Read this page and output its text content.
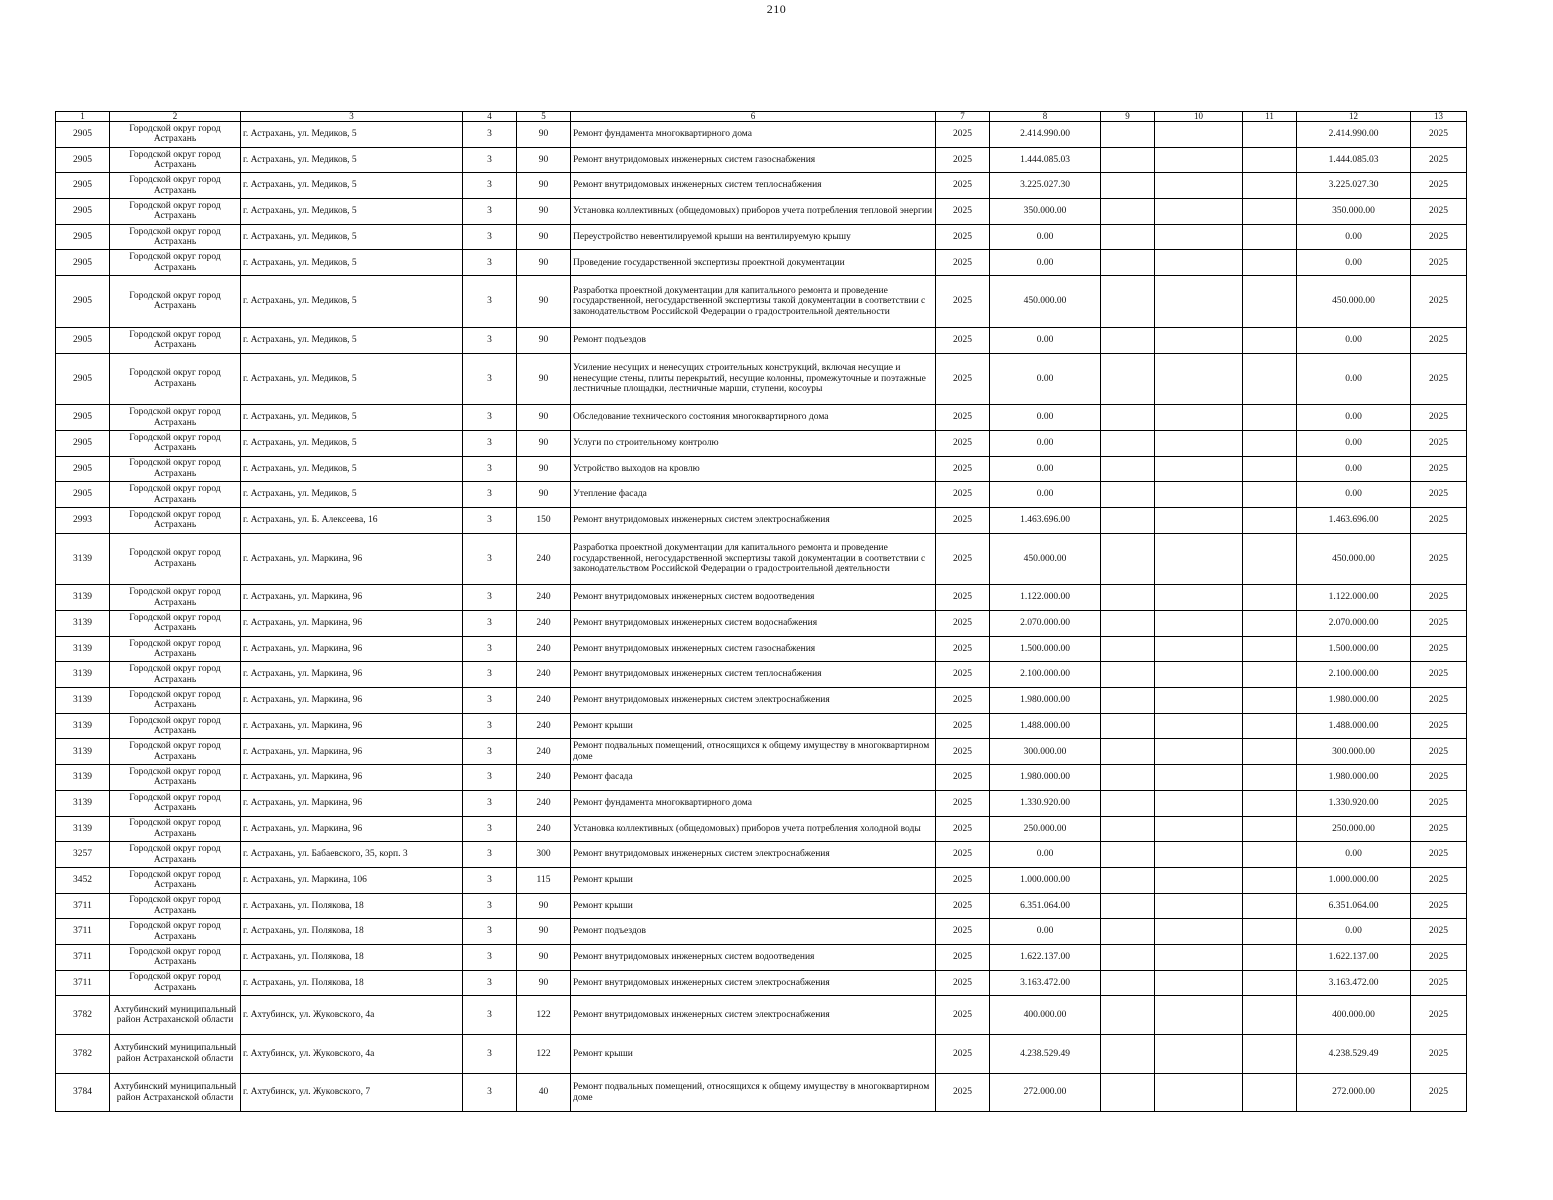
210
1	2	3	4	5	6	7	8	9	10	11	12	13
2905	Городской округ город Астрахань	г. Астрахань, ул. Медиков, 5	3	90	Ремонт фундамента многоквартирного дома	2025	2.414.990.00				2.414.990.00	2025
2905	Городской округ город Астрахань	г. Астрахань, ул. Медиков, 5	3	90	Ремонт внутридомовых инженерных систем газоснабжения	2025	1.444.085.03				1.444.085.03	2025
2905	Городской округ город Астрахань	г. Астрахань, ул. Медиков, 5	3	90	Ремонт внутридомовых инженерных систем теплоснабжения	2025	3.225.027.30				3.225.027.30	2025
2905	Городской округ город Астрахань	г. Астрахань, ул. Медиков, 5	3	90	Установка коллективных (общедомовых) приборов учета потребления тепловой энергии	2025	350.000.00				350.000.00	2025
2905	Городской округ город Астрахань	г. Астрахань, ул. Медиков, 5	3	90	Переустройство невентилируемой крыши на вентилируемую крышу	2025	0.00				0.00	2025
2905	Городской округ город Астрахань	г. Астрахань, ул. Медиков, 5	3	90	Проведение государственной экспертизы проектной документации	2025	0.00				0.00	2025
2905	Городской округ город Астрахань	г. Астрахань, ул. Медиков, 5	3	90	Разработка проектной документации для капитального ремонта и проведение государственной, негосударственной экспертизы такой документации в соответствии с законодательством Российской Федерации о градостроительной деятельности	2025	450.000.00				450.000.00	2025
2905	Городской округ город Астрахань	г. Астрахань, ул. Медиков, 5	3	90	Ремонт подъездов	2025	0.00				0.00	2025
2905	Городской округ город Астрахань	г. Астрахань, ул. Медиков, 5	3	90	Усиление несущих и ненесущих строительных конструкций, включая несущие и ненесущие стены, плиты перекрытий, несущие колонны, промежуточные и поэтажные лестничные площадки, лестничные марши, ступени, косоуры	2025	0.00				0.00	2025
2905	Городской округ город Астрахань	г. Астрахань, ул. Медиков, 5	3	90	Обследование технического состояния многоквартирного дома	2025	0.00				0.00	2025
2905	Городской округ город Астрахань	г. Астрахань, ул. Медиков, 5	3	90	Услуги по строительному контролю	2025	0.00				0.00	2025
2905	Городской округ город Астрахань	г. Астрахань, ул. Медиков, 5	3	90	Устройство выходов на кровлю	2025	0.00				0.00	2025
2905	Городской округ город Астрахань	г. Астрахань, ул. Медиков, 5	3	90	Утепление фасада	2025	0.00				0.00	2025
2993	Городской округ город Астрахань	г. Астрахань, ул. Б. Алексеева, 16	3	150	Ремонт внутридомовых инженерных систем электроснабжения	2025	1.463.696.00				1.463.696.00	2025
3139	Городской округ город Астрахань	г. Астрахань, ул. Маркина, 96	3	240	Разработка проектной документации для капитального ремонта и проведение государственной, негосударственной экспертизы такой документации в соответствии с законодательством Российской Федерации о градостроительной деятельности	2025	450.000.00				450.000.00	2025
3139	Городской округ город Астрахань	г. Астрахань, ул. Маркина, 96	3	240	Ремонт внутридомовых инженерных систем водоотведения	2025	1.122.000.00				1.122.000.00	2025
3139	Городской округ город Астрахань	г. Астрахань, ул. Маркина, 96	3	240	Ремонт внутридомовых инженерных систем водоснабжения	2025	2.070.000.00				2.070.000.00	2025
3139	Городской округ город Астрахань	г. Астрахань, ул. Маркина, 96	3	240	Ремонт внутридомовых инженерных систем газоснабжения	2025	1.500.000.00				1.500.000.00	2025
3139	Городской округ город Астрахань	г. Астрахань, ул. Маркина, 96	3	240	Ремонт внутридомовых инженерных систем теплоснабжения	2025	2.100.000.00				2.100.000.00	2025
3139	Городской округ город Астрахань	г. Астрахань, ул. Маркина, 96	3	240	Ремонт внутридомовых инженерных систем электроснабжения	2025	1.980.000.00				1.980.000.00	2025
3139	Городской округ город Астрахань	г. Астрахань, ул. Маркина, 96	3	240	Ремонт крыши	2025	1.488.000.00				1.488.000.00	2025
3139	Городской округ город Астрахань	г. Астрахань, ул. Маркина, 96	3	240	Ремонт подвальных помещений, относящихся к общему имуществу в многоквартирном доме	2025	300.000.00				300.000.00	2025
3139	Городской округ город Астрахань	г. Астрахань, ул. Маркина, 96	3	240	Ремонт фасада	2025	1.980.000.00				1.980.000.00	2025
3139	Городской округ город Астрахань	г. Астрахань, ул. Маркина, 96	3	240	Ремонт фундамента многоквартирного дома	2025	1.330.920.00				1.330.920.00	2025
3139	Городской округ город Астрахань	г. Астрахань, ул. Маркина, 96	3	240	Установка коллективных (общедомовых) приборов учета потребления холодной воды	2025	250.000.00				250.000.00	2025
3257	Городской округ город Астрахань	г. Астрахань, ул. Бабаевского, 35, корп. 3	3	300	Ремонт внутридомовых инженерных систем электроснабжения	2025	0.00				0.00	2025
3452	Городской округ город Астрахань	г. Астрахань, ул. Маркина, 106	3	115	Ремонт крыши	2025	1.000.000.00				1.000.000.00	2025
3711	Городской округ город Астрахань	г. Астрахань, ул. Полякова, 18	3	90	Ремонт крыши	2025	6.351.064.00				6.351.064.00	2025
3711	Городской округ город Астрахань	г. Астрахань, ул. Полякова, 18	3	90	Ремонт подъездов	2025	0.00				0.00	2025
3711	Городской округ город Астрахань	г. Астрахань, ул. Полякова, 18	3	90	Ремонт внутридомовых инженерных систем водоотведения	2025	1.622.137.00				1.622.137.00	2025
3711	Городской округ город Астрахань	г. Астрахань, ул. Полякова, 18	3	90	Ремонт внутридомовых инженерных систем электроснабжения	2025	3.163.472.00				3.163.472.00	2025
3782	Ахтубинский муниципальный район Астраханской области	г. Ахтубинск, ул. Жуковского, 4а	3	122	Ремонт внутридомовых инженерных систем электроснабжения	2025	400.000.00				400.000.00	2025
3782	Ахтубинский муниципальный район Астраханской области	г. Ахтубинск, ул. Жуковского, 4а	3	122	Ремонт крыши	2025	4.238.529.49				4.238.529.49	2025
3784	Ахтубинский муниципальный район Астраханской области	г. Ахтубинск, ул. Жуковского, 7	3	40	Ремонт подвальных помещений, относящихся к общему имуществу в многоквартирном доме	2025	272.000.00				272.000.00	2025
